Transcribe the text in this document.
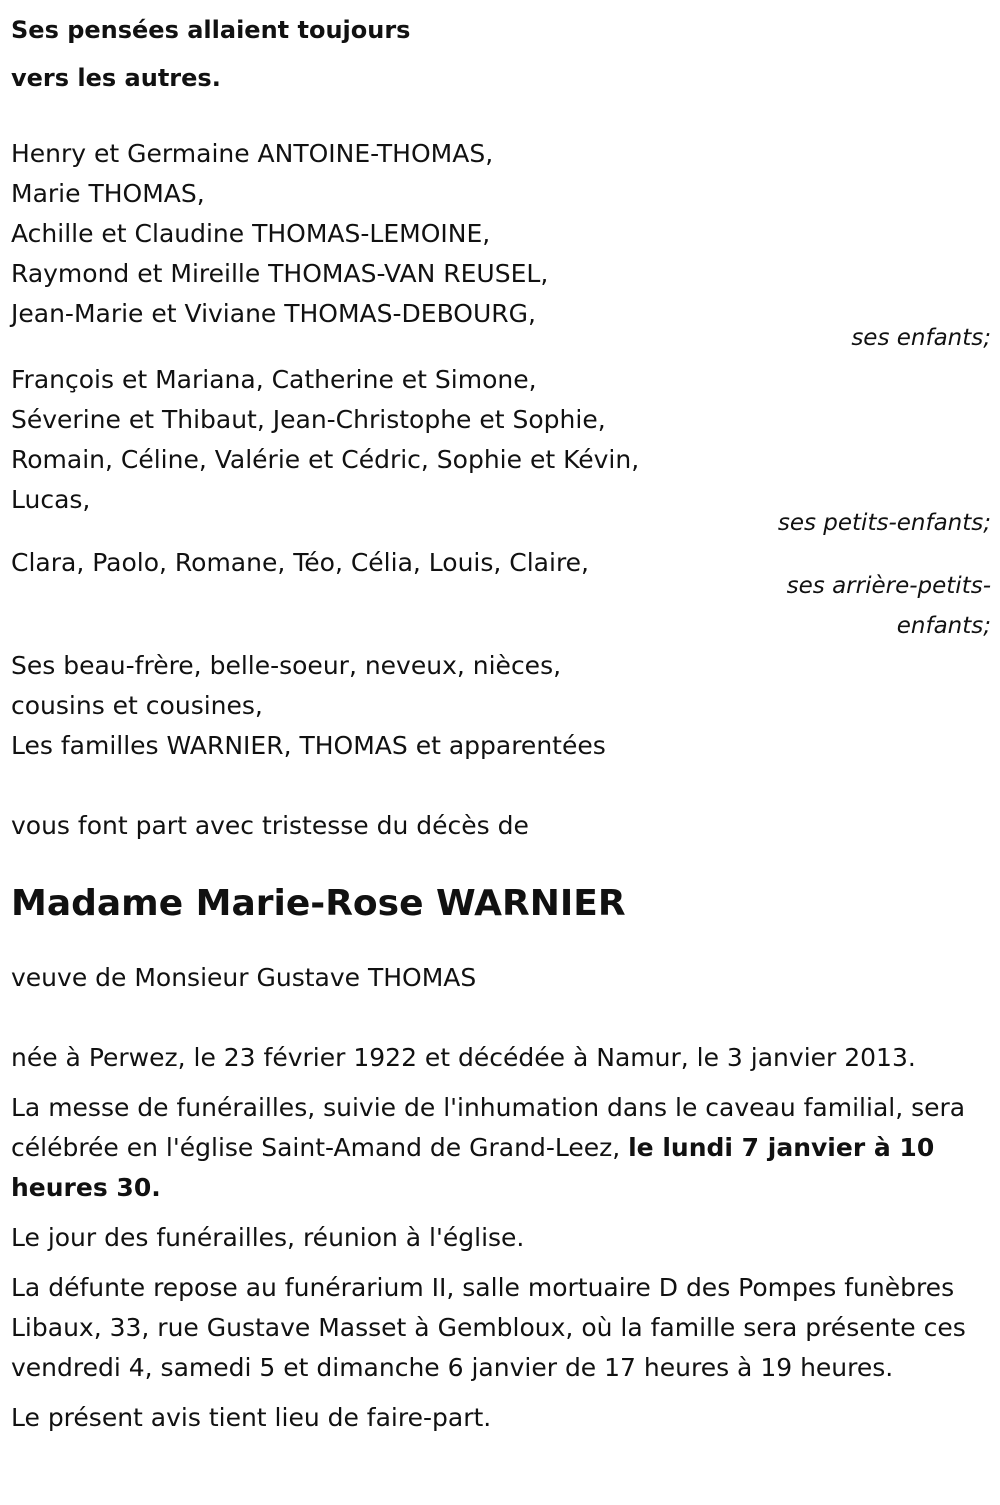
Ses pensées allaient toujours
vers les autres.
Henry et Germaine ANTOINE-THOMAS,
Marie THOMAS,
Achille et Claudine THOMAS-LEMOINE,
Raymond et Mireille THOMAS-VAN REUSEL,
Jean-Marie et Viviane THOMAS-DEBOURG,
ses enfants;
François et Mariana, Catherine et Simone,
Séverine et Thibaut, Jean-Christophe et Sophie,
Romain, Céline, Valérie et Cédric, Sophie et Kévin,
Lucas,
ses petits-enfants;
Clara, Paolo, Romane, Téo, Célia, Louis, Claire,
ses arrière-petits-
enfants;
Ses beau-frère, belle-soeur, neveux, nièces,
cousins et cousines,
Les familles WARNIER, THOMAS et apparentées

vous font part avec tristesse du décès de

Madame Marie-Rose WARNIER

veuve de Monsieur Gustave THOMAS

née à Perwez, le 23 février 1922 et décédée à Namur, le 3 janvier 2013.

La messe de funérailles, suivie de l'inhumation dans le caveau familial, sera célébrée en l'église Saint-Amand de Grand-Leez, le lundi 7 janvier à 10 heures 30.

Le jour des funérailles, réunion à l'église.

La défunte repose au funérarium II, salle mortuaire D des Pompes funèbres Libaux, 33, rue Gustave Masset à Gembloux, où la famille sera présente ces vendredi 4, samedi 5 et dimanche 6 janvier de 17 heures à 19 heures.

Le présent avis tient lieu de faire-part.
